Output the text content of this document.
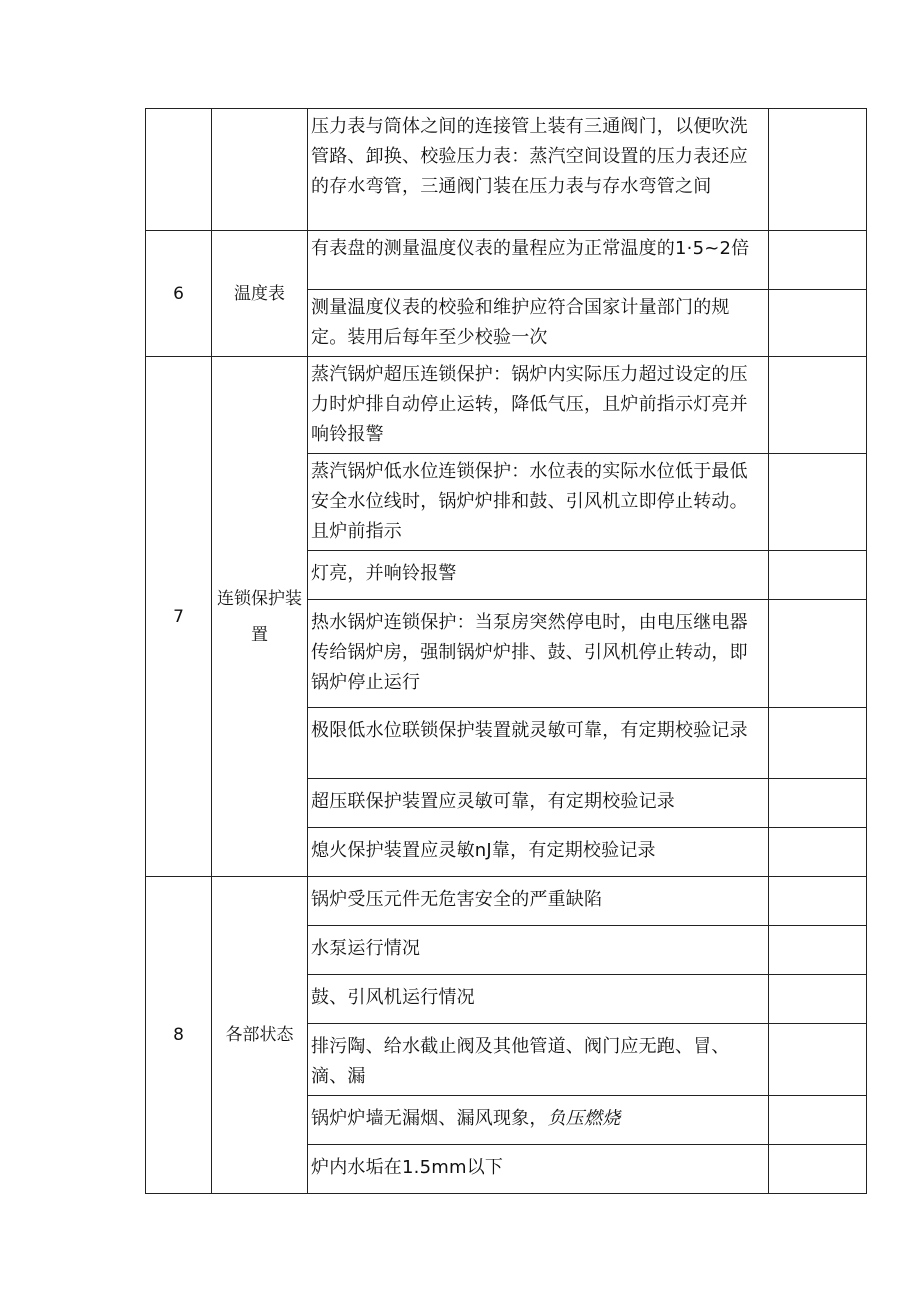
		压力表与筒体之间的连接管上装有三通阀门，以便吹洗管路、卸换、校验压力表：蒸汽空间设置的压力表还应的存水弯管，三通阀门装在压力表与存水弯管之间	
6	温度表	有表盘的测量温度仪表的量程应为正常温度的1·5~2倍	
		测量温度仪表的校验和维护应符合国家计量部门的规定。装用后每年至少校验一次	
7	连锁保护装置	蒸汽锅炉超压连锁保护：锅炉内实际压力超过设定的压力时炉排自动停止运转，降低气压，且炉前指示灯亮并响铃报警	
		蒸汽锅炉低水位连锁保护：水位表的实际水位低于最低安全水位线时，锅炉炉排和鼓、引风机立即停止转动。且炉前指示	
		灯亮，并响铃报警	
		热水锅炉连锁保护：当泵房突然停电时，由电压继电器传给锅炉房，强制锅炉炉排、鼓、引风机停止转动，即锅炉停止运行	
		极限低水位联锁保护装置就灵敏可靠，有定期校验记录	
		超压联保护装置应灵敏可靠，有定期校验记录	
		熄火保护装置应灵敏nJ靠，有定期校验记录	
8	各部状态	锅炉受压元件无危害安全的严重缺陷	
		水泵运行情况	
		鼓、引风机运行情况	
		排污陶、给水截止阀及其他管道、阀门应无跑、冒、滴、漏	
		锅炉炉墙无漏烟、漏风现象，负压燃烧	
		炉内水垢在1.5mm以下	
